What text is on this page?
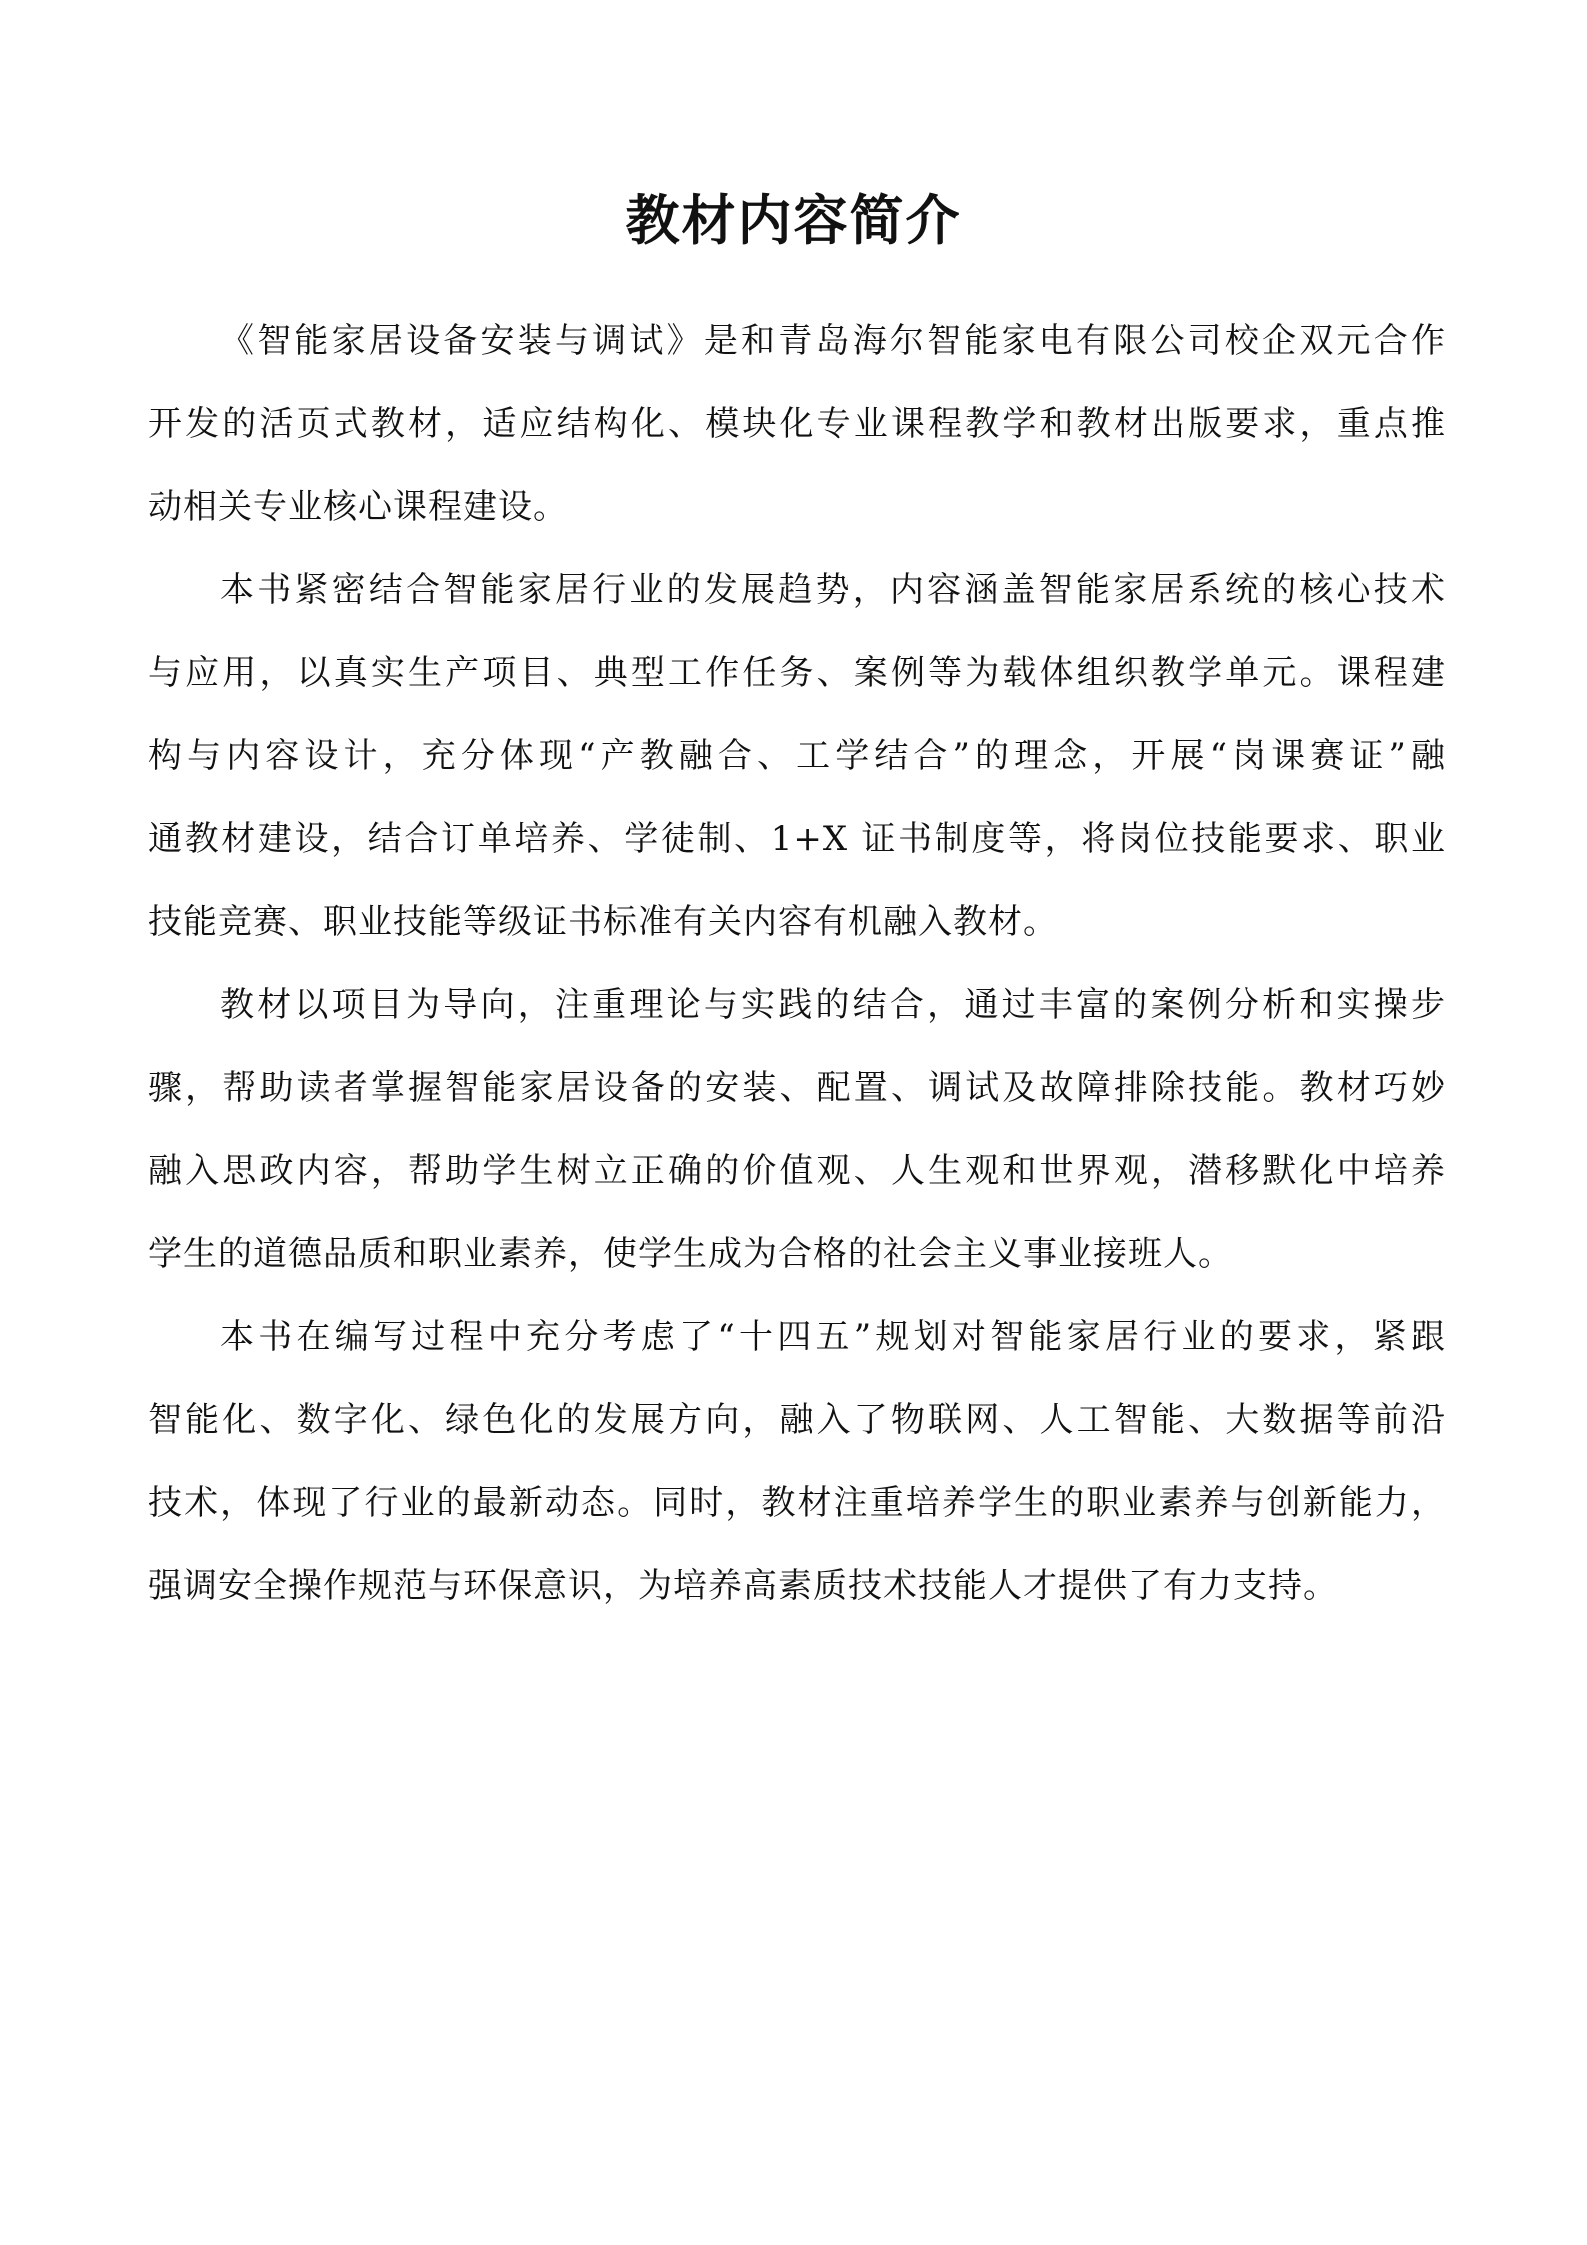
教材内容简介

《智能家居设备安装与调试》是和青岛海尔智能家电有限公司校企双元合作
开发的活页式教材，适应结构化、模块化专业课程教学和教材出版要求，重点推
动相关专业核心课程建设。

本书紧密结合智能家居行业的发展趋势，内容涵盖智能家居系统的核心技术
与应用，以真实生产项目、典型工作任务、案例等为载体组织教学单元。课程建
构与内容设计，充分体现“产教融合、工学结合”的理念，开展“岗课赛证”融
通教材建设，结合订单培养、学徒制、1+X 证书制度等，将岗位技能要求、职业
技能竞赛、职业技能等级证书标准有关内容有机融入教材。

教材以项目为导向，注重理论与实践的结合，通过丰富的案例分析和实操步
骤，帮助读者掌握智能家居设备的安装、配置、调试及故障排除技能。教材巧妙
融入思政内容，帮助学生树立正确的价值观、人生观和世界观，潜移默化中培养
学生的道德品质和职业素养，使学生成为合格的社会主义事业接班人。

本书在编写过程中充分考虑了“十四五”规划对智能家居行业的要求，紧跟
智能化、数字化、绿色化的发展方向，融入了物联网、人工智能、大数据等前沿
技术，体现了行业的最新动态。同时，教材注重培养学生的职业素养与创新能力，
强调安全操作规范与环保意识，为培养高素质技术技能人才提供了有力支持。
